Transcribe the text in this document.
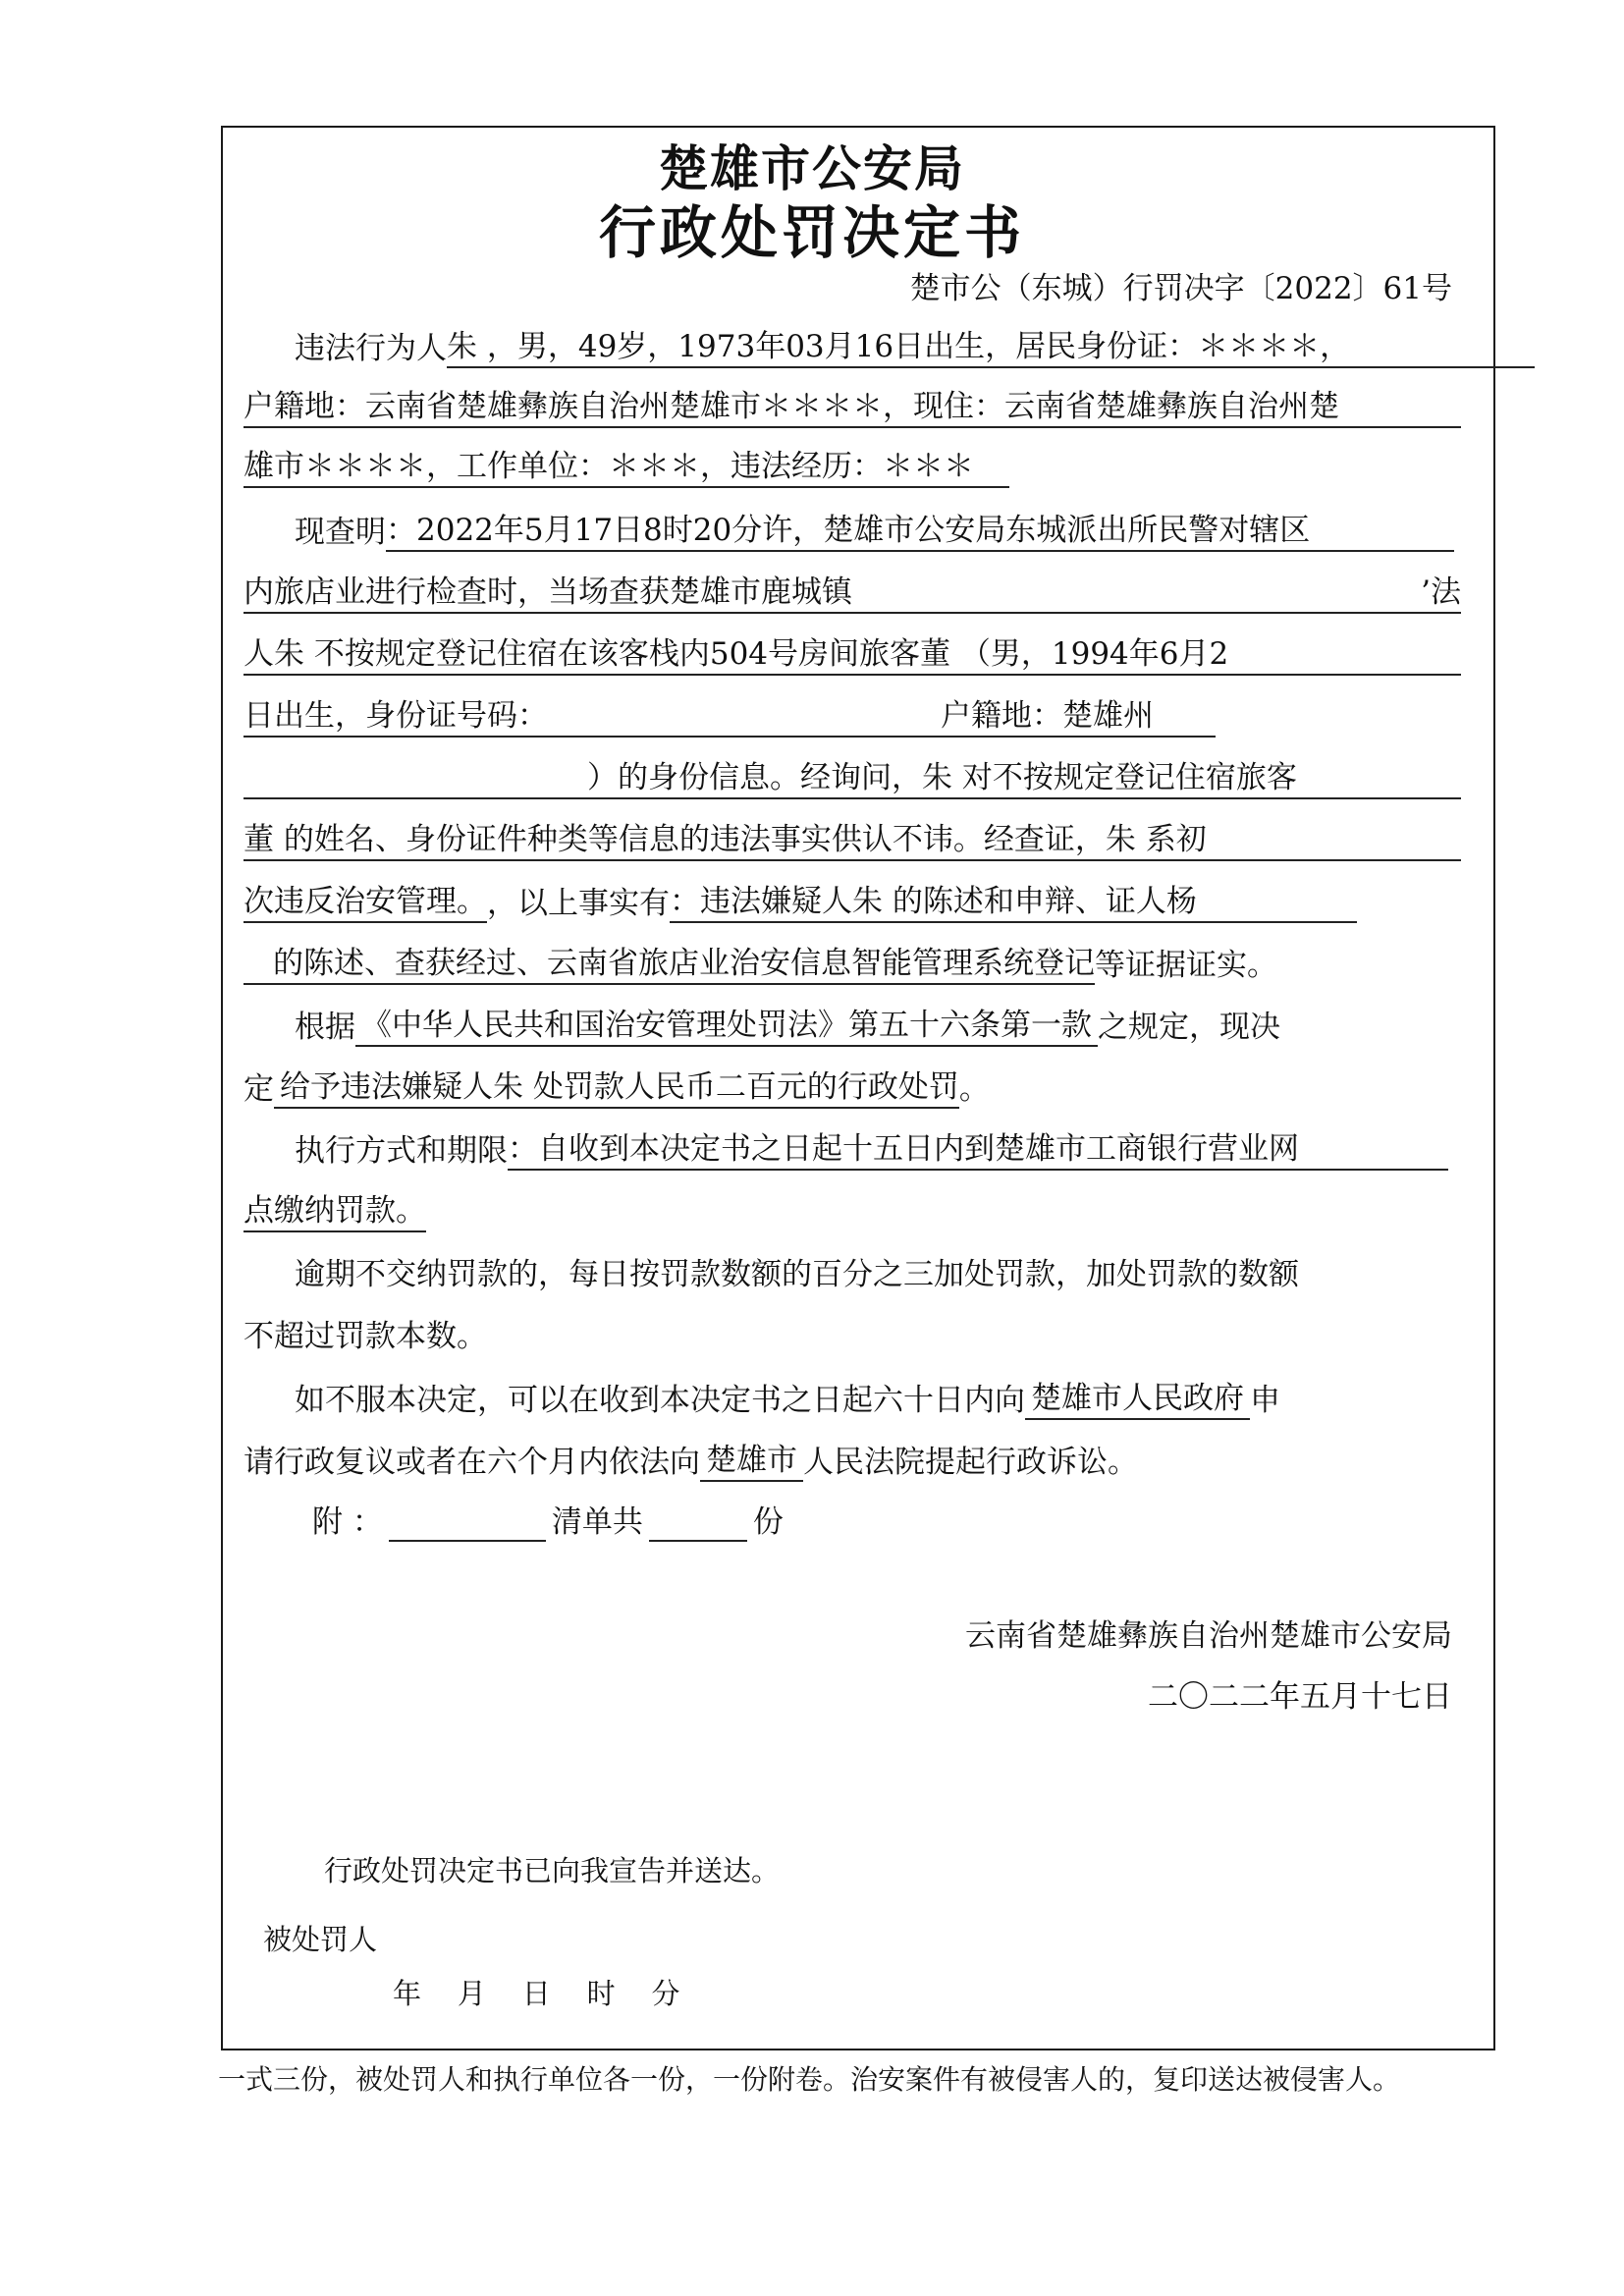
楚雄市公安局
行政处罚决定书
楚市公（东城）行罚决字〔2022〕61号
违法行为人朱 ，男，49岁，1973年03月16日出生，居民身份证：＊＊＊＊，
户籍地：云南省楚雄彝族自治州楚雄市＊＊＊＊，现住：云南省楚雄彝族自治州楚
雄市＊＊＊＊，工作单位：＊＊＊，违法经历：＊＊＊
现查明：2022年5月17日8时20分许，楚雄市公安局东城派出所民警对辖区
内旅店业进行检查时，当场查获楚雄市鹿城镇	’法
人朱 不按规定登记住宿在该客栈内504号房间旅客董 （男，1994年6月2
日出生，身份证号码：	户籍地：楚雄州
）的身份信息。经询问，朱 对不按规定登记住宿旅客
董 的姓名、身份证件种类等信息的违法事实供认不讳。经查证，朱 系初
次违反治安管理。，以上事实有：违法嫌疑人朱 的陈述和申辩、证人杨
的陈述、查获经过、云南省旅店业治安信息智能管理系统登记等证据证实。
根据 《中华人民共和国治安管理处罚法》第五十六条第一款 之规定，现决
定 给予违法嫌疑人朱 处罚款人民币二百元的行政处罚。
执行方式和期限：自收到本决定书之日起十五日内到楚雄市工商银行营业网
点缴纳罚款。
逾期不交纳罚款的，每日按罚款数额的百分之三加处罚款，加处罚款的数额
不超过罚款本数。
如不服本决定，可以在收到本决定书之日起六十日内向 楚雄市人民政府 申
请行政复议或者在六个月内依法向 楚雄市 人民法院提起行政诉讼。
附 ：	清单共	份
云南省楚雄彝族自治州楚雄市公安局
二〇二二年五月十七日
行政处罚决定书已向我宣告并送达。
被处罚人
年    月    日    时    分
一式三份，被处罚人和执行单位各一份，一份附卷。治安案件有被侵害人的，复印送达被侵害人。
